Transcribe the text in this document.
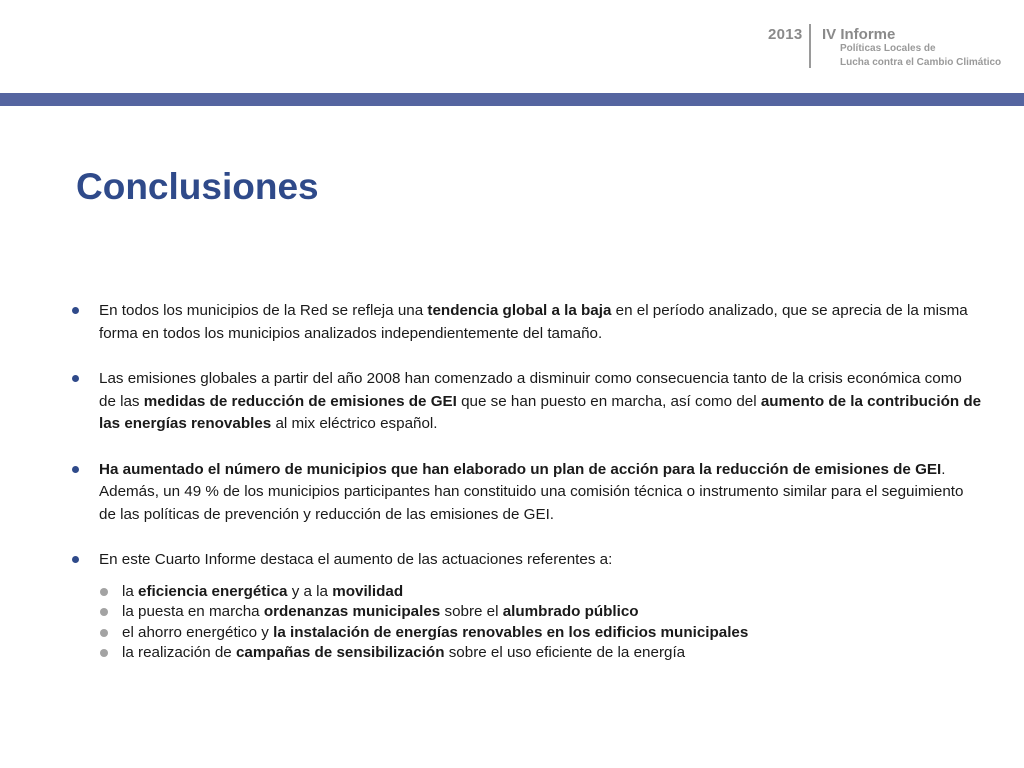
2013 IV Informe
Políticas Locales de
Lucha contra el Cambio Climático
Conclusiones
En todos los municipios de la Red se refleja una tendencia global a la baja en el período analizado, que se aprecia de la misma forma en todos los municipios analizados independientemente del tamaño.
Las emisiones globales a partir del año 2008 han comenzado a disminuir como consecuencia tanto de la crisis económica como de las medidas de reducción de emisiones de GEI que se han puesto en marcha, así como del aumento de la contribución de las energías renovables al mix eléctrico español.
Ha aumentado el número de municipios que han elaborado un plan de acción para la reducción de emisiones de GEI. Además, un 49 % de los municipios participantes han constituido una comisión técnica o instrumento similar para el seguimiento de las políticas de prevención y reducción de las emisiones de GEI.
En este Cuarto Informe destaca el aumento de las actuaciones referentes a:
la eficiencia energética y a la movilidad
la puesta en marcha ordenanzas municipales sobre el alumbrado público
el ahorro energético y la instalación de energías renovables en los edificios municipales
la realización de campañas de sensibilización sobre el uso eficiente de la energía
